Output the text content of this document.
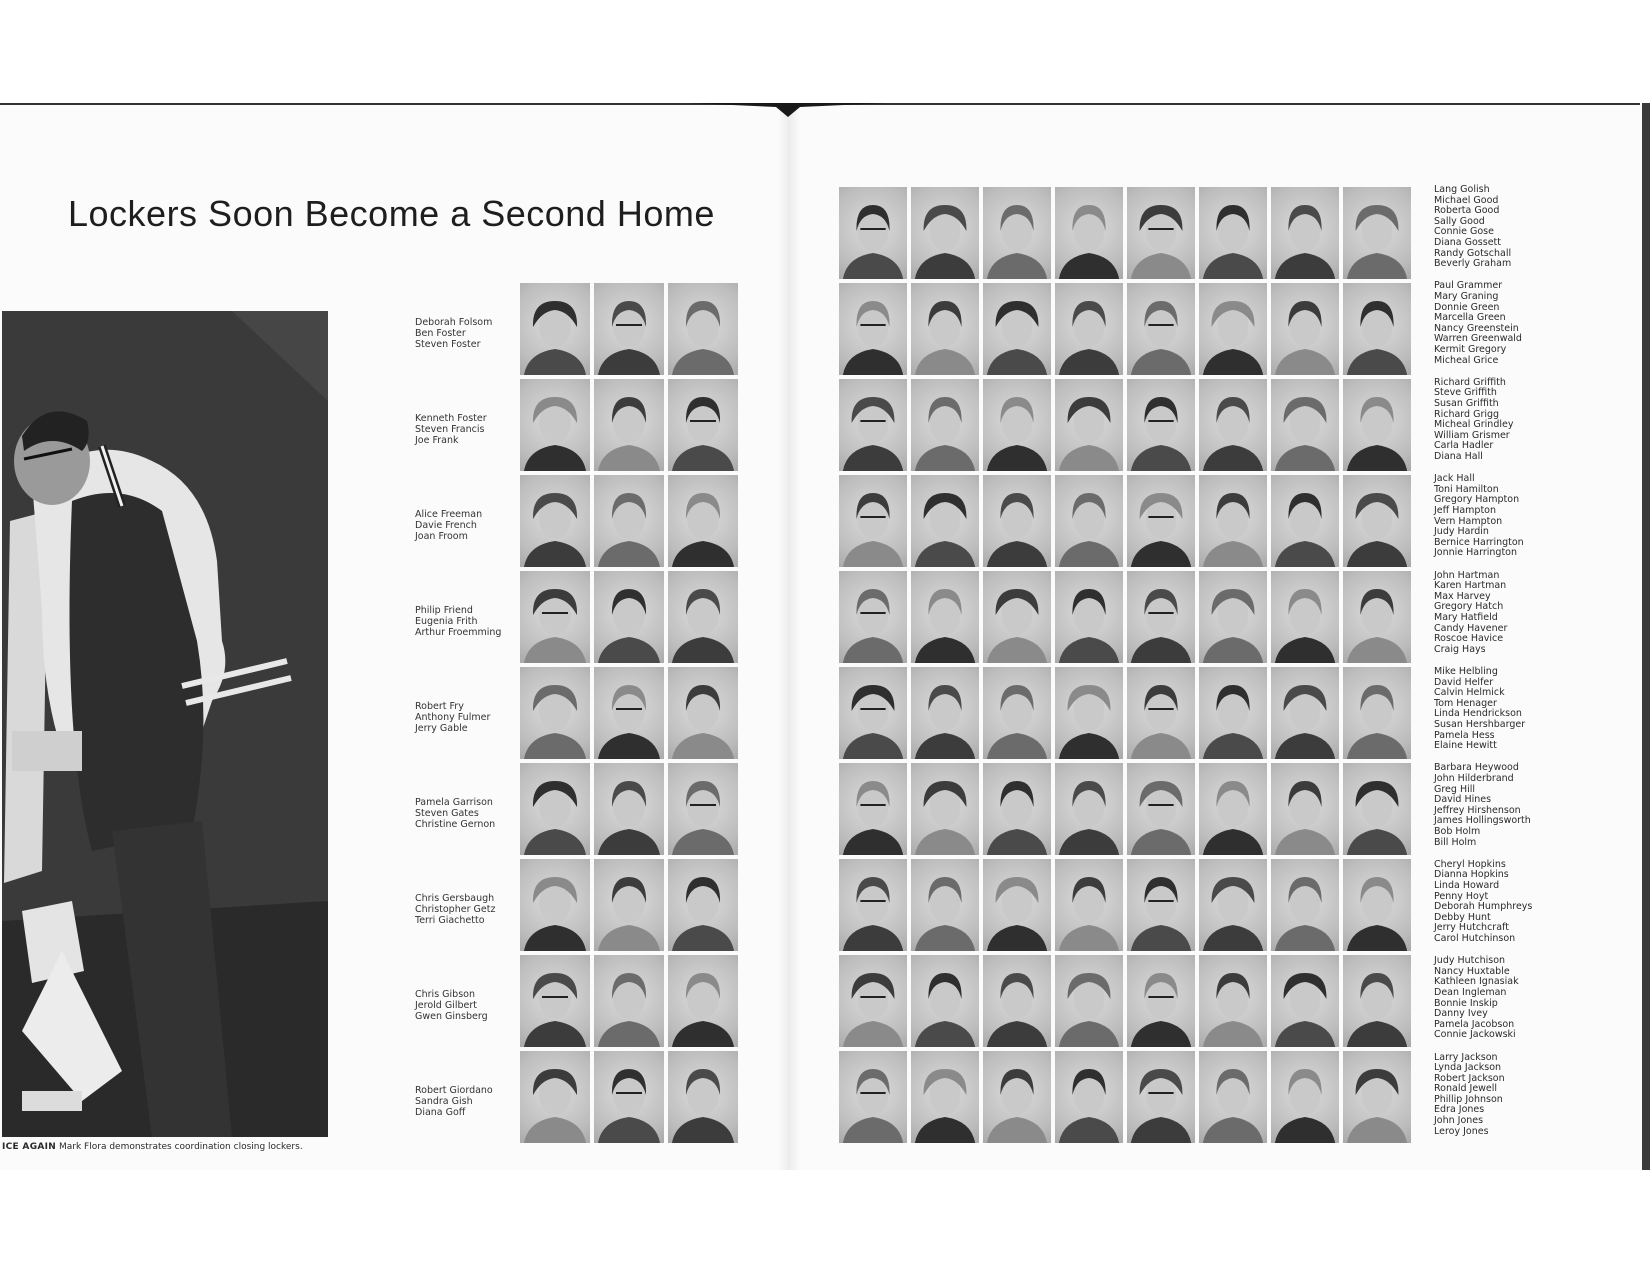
Lockers Soon Become a Second Home
ICE AGAIN Mark Flora demonstrates coordination closing lockers.
Deborah Folsom
Ben Foster
Steven Foster
Kenneth Foster
Steven Francis
Joe Frank
Alice Freeman
Davie French
Joan Froom
Philip Friend
Eugenia Frith
Arthur Froemming
Robert Fry
Anthony Fulmer
Jerry Gable
Pamela Garrison
Steven Gates
Christine Gernon
Chris Gersbaugh
Christopher Getz
Terri Giachetto
Chris Gibson
Jerold Gilbert
Gwen Ginsberg
Robert Giordano
Sandra Gish
Diana Goff
Lang Golish
Michael Good
Roberta Good
Sally Good
Connie Gose
Diana Gossett
Randy Gotschall
Beverly Graham
Paul Grammer
Mary Graning
Donnie Green
Marcella Green
Nancy Greenstein
Warren Greenwald
Kermit Gregory
Micheal Grice
Richard Griffith
Steve Griffith
Susan Griffith
Richard Grigg
Micheal Grindley
William Grismer
Carla Hadler
Diana Hall
Jack Hall
Toni Hamilton
Gregory Hampton
Jeff Hampton
Vern Hampton
Judy Hardin
Bernice Harrington
Jonnie Harrington
John Hartman
Karen Hartman
Max Harvey
Gregory Hatch
Mary Hatfield
Candy Havener
Roscoe Havice
Craig Hays
Mike Helbling
David Helfer
Calvin Helmick
Tom Henager
Linda Hendrickson
Susan Hershbarger
Pamela Hess
Elaine Hewitt
Barbara Heywood
John Hilderbrand
Greg Hill
David Hines
Jeffrey Hirshenson
James Hollingsworth
Bob Holm
Bill Holm
Cheryl Hopkins
Dianna Hopkins
Linda Howard
Penny Hoyt
Deborah Humphreys
Debby Hunt
Jerry Hutchcraft
Carol Hutchinson
Judy Hutchison
Nancy Huxtable
Kathleen Ignasiak
Dean Ingleman
Bonnie Inskip
Danny Ivey
Pamela Jacobson
Connie Jackowski
Larry Jackson
Lynda Jackson
Robert Jackson
Ronald Jewell
Phillip Johnson
Edra Jones
John Jones
Leroy Jones
